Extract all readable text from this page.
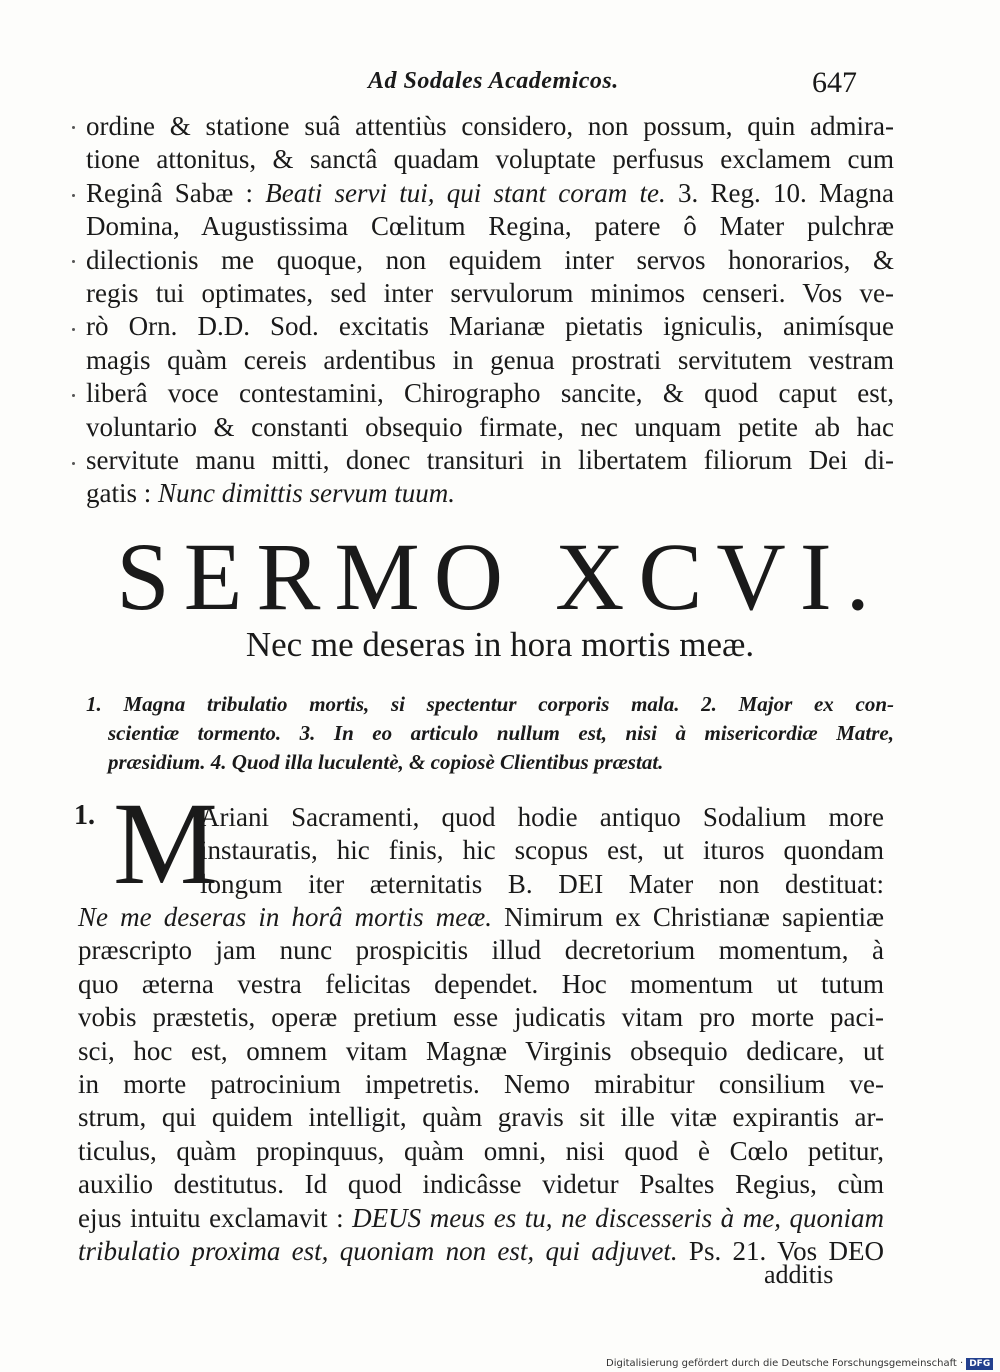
Ad Sodales Academicos.	647
ordine & statione suâ attentiùs considero, non possum, quin admira-
tione attonitus, & sanctâ quadam voluptate perfusus exclamem cum
Reginâ Sabæ : Beati servi tui, qui stant coram te. 3. Reg. 10. Magna
Domina, Augustissima Cœlitum Regina, patere ô Mater pulchræ
dilectionis me quoque, non equidem inter servos honorarios, &
regis tui optimates, sed inter servulorum minimos censeri. Vos ve-
rò Orn. D.D. Sod. excitatis Marianæ pietatis igniculis, animísque
magis quàm cereis ardentibus in genua prostrati servitutem vestram
liberâ voce contestamini, Chirographo sancite, & quod caput est,
voluntario & constanti obsequio firmate, nec unquam petite ab hac
servitute manu mitti, donec transituri in libertatem filiorum Dei di-
gatis : Nunc dimittis servum tuum.
SERMO XCVI.
Nec me deseras in hora mortis meæ.
1. Magna tribulatio mortis, si spectentur corporis mala. 2. Major ex con-
scientiæ tormento. 3. In eo articulo nullum est, nisi à misericordiæ Matre,
præsidium. 4. Quod illa luculentè, & copiosè Clientibus præstat.
1. M
Ariani Sacramenti, quod hodie antiquo Sodalium more
instauratis, hic finis, hic scopus est, ut ituros quondam
longum iter æternitatis B. DEI Mater non destituat:
Ne me deseras in horâ mortis meæ. Nimirum ex Christianæ sapientiæ
præscripto jam nunc prospicitis illud decretorium momentum, à
quo æterna vestra felicitas dependet. Hoc momentum ut tutum
vobis præstetis, operæ pretium esse judicatis vitam pro morte paci-
sci, hoc est, omnem vitam Magnæ Virginis obsequio dedicare, ut
in morte patrocinium impetretis. Nemo mirabitur consilium ve-
strum, qui quidem intelligit, quàm gravis sit ille vitæ expirantis ar-
ticulus, quàm propinquus, quàm omni, nisi quod è Cœlo petitur,
auxilio destitutus. Id quod indicâsse videtur Psaltes Regius, cùm
ejus intuitu exclamavit : DEUS meus es tu, ne discesseris à me, quoniam
tribulatio proxima est, quoniam non est, qui adjuvet. Ps. 21. Vos DEO
additis
Digitalisierung gefördert durch die Deutsche Forschungsgemeinschaft · DFG
